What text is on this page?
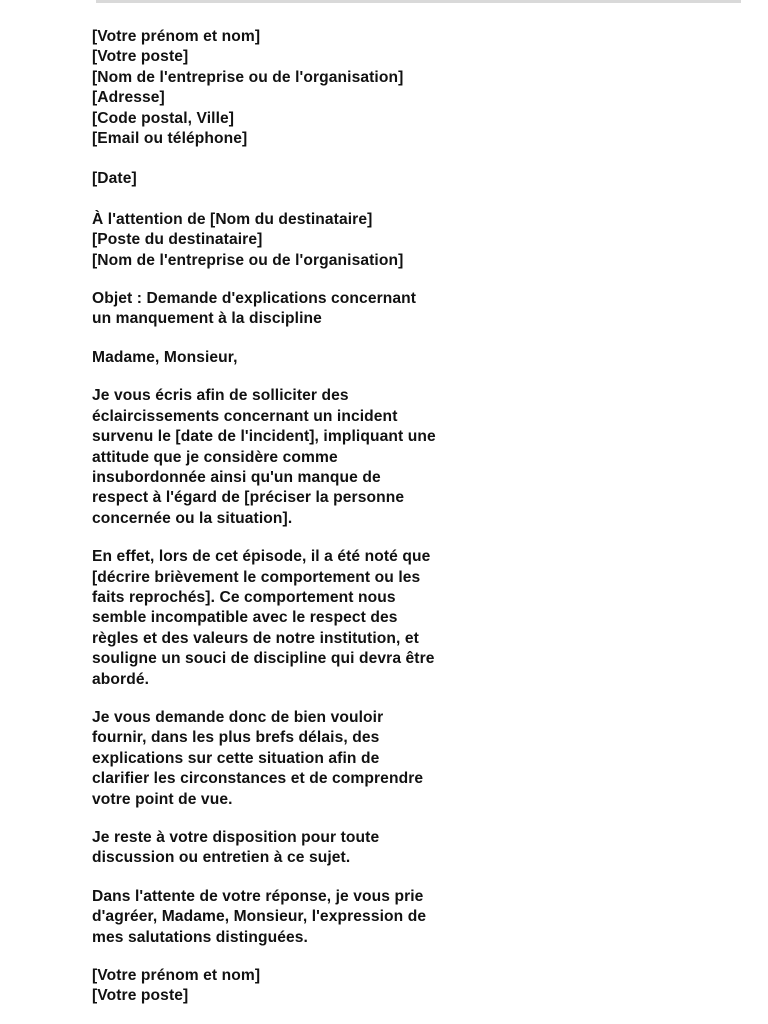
[Votre prénom et nom]
[Votre poste]
[Nom de l'entreprise ou de l'organisation]
[Adresse]
[Code postal, Ville]
[Email ou téléphone]
[Date]
À l'attention de [Nom du destinataire]
[Poste du destinataire]
[Nom de l'entreprise ou de l'organisation]
Objet : Demande d'explications concernant
un manquement à la discipline
Madame, Monsieur,
Je vous écris afin de solliciter des
éclaircissements concernant un incident
survenu le [date de l'incident], impliquant une
attitude que je considère comme
insubordonnée ainsi qu'un manque de
respect à l'égard de [préciser la personne
concernée ou la situation].
En effet, lors de cet épisode, il a été noté que
[décrire brièvement le comportement ou les
faits reprochés]. Ce comportement nous
semble incompatible avec le respect des
règles et des valeurs de notre institution, et
souligne un souci de discipline qui devra être
abordé.
Je vous demande donc de bien vouloir
fournir, dans les plus brefs délais, des
explications sur cette situation afin de
clarifier les circonstances et de comprendre
votre point de vue.
Je reste à votre disposition pour toute
discussion ou entretien à ce sujet.
Dans l'attente de votre réponse, je vous prie
d'agréer, Madame, Monsieur, l'expression de
mes salutations distinguées.
[Votre prénom et nom]
[Votre poste]
